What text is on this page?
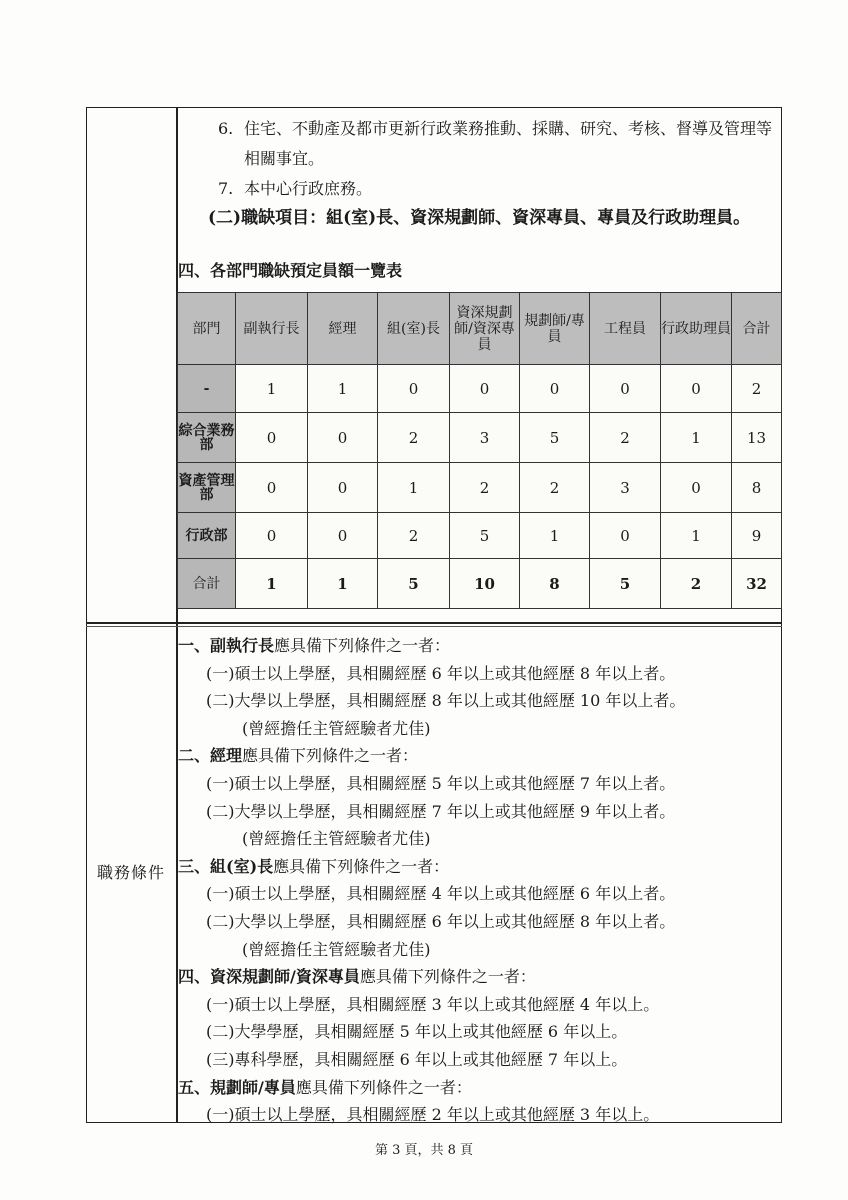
6. 住宅、不動產及都市更新行政業務推動、採購、研究、考核、督導及管理等相關事宜。
7. 本中心行政庶務。
(二)職缺項目：組(室)長、資深規劃師、資深專員、專員及行政助理員。
四、各部門職缺預定員額一覽表
部門	副執行長	經理	組(室)長	資深規劃師/資深專員	規劃師/專員	工程員	行政助理員	合計
-	1	1	0	0	0	0	0	2
綜合業務部	0	0	2	3	5	2	1	13
資產管理部	0	0	1	2	2	3	0	8
行政部	0	0	2	5	1	0	1	9
合計	1	1	5	10	8	5	2	32
職務條件
一、副執行長應具備下列條件之一者：
(一)碩士以上學歷，具相關經歷 6 年以上或其他經歷 8 年以上者。
(二)大學以上學歷，具相關經歷 8 年以上或其他經歷 10 年以上者。
(曾經擔任主管經驗者尤佳)
二、經理應具備下列條件之一者：
(一)碩士以上學歷，具相關經歷 5 年以上或其他經歷 7 年以上者。
(二)大學以上學歷，具相關經歷 7 年以上或其他經歷 9 年以上者。
(曾經擔任主管經驗者尤佳)
三、組(室)長應具備下列條件之一者：
(一)碩士以上學歷，具相關經歷 4 年以上或其他經歷 6 年以上者。
(二)大學以上學歷，具相關經歷 6 年以上或其他經歷 8 年以上者。
(曾經擔任主管經驗者尤佳)
四、資深規劃師/資深專員應具備下列條件之一者：
(一)碩士以上學歷，具相關經歷 3 年以上或其他經歷 4 年以上。
(二)大學學歷，具相關經歷 5 年以上或其他經歷 6 年以上。
(三)專科學歷，具相關經歷 6 年以上或其他經歷 7 年以上。
五、規劃師/專員應具備下列條件之一者：
(一)碩士以上學歷，具相關經歷 2 年以上或其他經歷 3 年以上。
第 3 頁，共 8 頁
